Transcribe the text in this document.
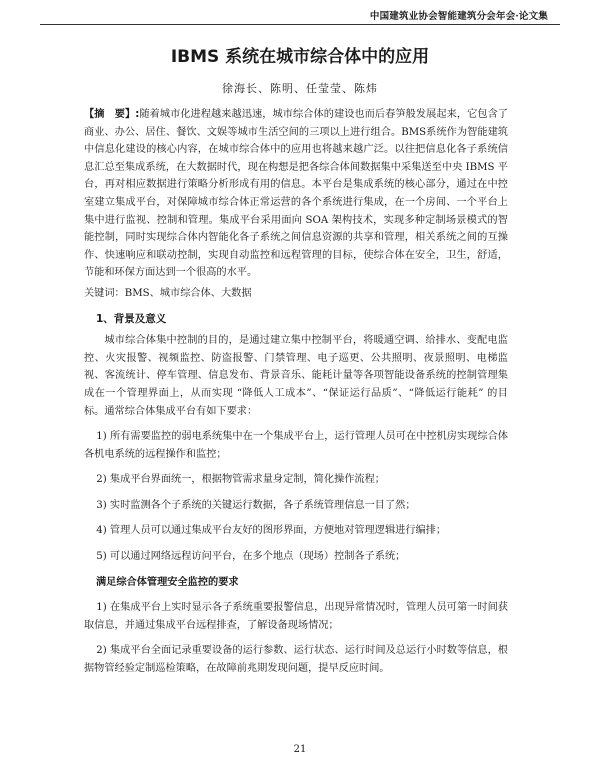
中国建筑业协会智能建筑分会年会·论文集
IBMS 系统在城市综合体中的应用
徐海长、陈明、任莹莹、陈炜

【摘　要】:随着城市化进程越来越迅速，城市综合体的建设也而后春笋般发展起来，它包含了商业、办公、居住、餐饮、文娱等城市生活空间的三项以上进行组合。BMS系统作为智能建筑中信息化建设的核心内容，在城市综合体中的应用也将越来越广泛。以往把信息化各子系统信息汇总至集成系统，在大数据时代，现在构想是把各综合体间数据集中采集送至中央 IBMS 平台，再对相应数据进行策略分析形成有用的信息。本平台是集成系统的核心部分，通过在中控室建立集成平台，对保障城市综合体正常运营的各个系统进行集成，在一个房间、一个平台上集中进行监视、控制和管理。集成平台采用面向 SOA 架构技术，实现多种定制场景模式的智能控制，同时实现综合体内智能化各子系统之间信息资源的共享和管理，相关系统之间的互操作、快速响应和联动控制，实现自动监控和远程管理的目标，使综合体在安全，卫生，舒适，节能和环保方面达到一个很高的水平。

关键词：BMS、城市综合体、大数据

1、背景及意义

城市综合体集中控制的目的，是通过建立集中控制平台，将暖通空调、给排水、变配电监控、火灾报警、视频监控、防盗报警、门禁管理、电子巡更、公共照明、夜景照明、电梯监视、客流统计、停车管理、信息发布、背景音乐、能耗计量等各项智能设备系统的控制管理集成在一个管理界面上，从而实现 “降低人工成本”、“保证运行品质”、“降低运行能耗” 的目标。通常综合体集成平台有如下要求：

1) 所有需要监控的弱电系统集中在一个集成平台上，运行管理人员可在中控机房实现综合体各机电系统的远程操作和监控；

2) 集成平台界面统一，根据物管需求量身定制，简化操作流程；

3) 实时监测各个子系统的关键运行数据，各子系统管理信息一目了然；

4) 管理人员可以通过集成平台友好的图形界面，方便地对管理逻辑进行编排；

5) 可以通过网络远程访问平台，在多个地点（现场）控制各子系统；

满足综合体管理安全监控的要求

1) 在集成平台上实时显示各子系统重要报警信息，出现异常情况时，管理人员可第一时间获取信息，并通过集成平台远程排查，了解设备现场情况；

2) 集成平台全面记录重要设备的运行参数、运行状态、运行时间及总运行小时数等信息，根据物管经验定制巡检策略，在故障前兆期发现问题，提早反应时间。

21
